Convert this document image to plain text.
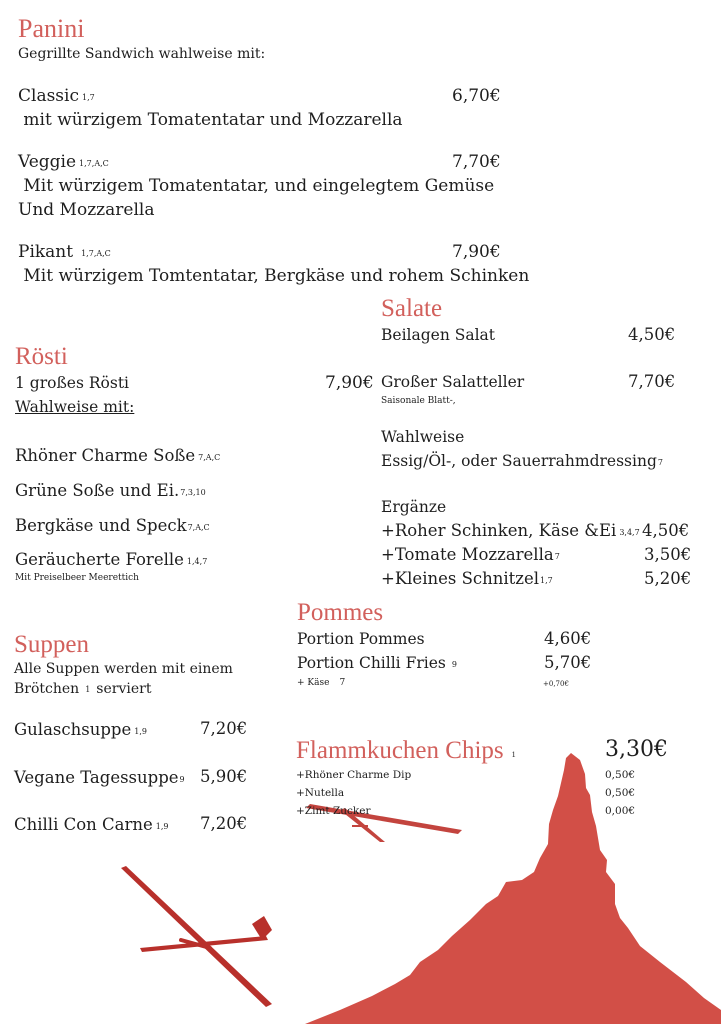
Panini
Gegrillte Sandwich wahlweise mit:
Classic 1,7	6,70€
mit würzigem Tomatentatar und Mozzarella
Veggie 1,7,A,C	7,70€
Mit würzigem Tomatentatar, und eingelegtem Gemüse
Und Mozzarella
Pikant 1,7,A,C	7,90€
Mit würzigem Tomtentatar, Bergkäse und rohem Schinken
Rösti
1 großes Rösti	7,90€
Wahlweise mit:
Rhöner Charme Soße 7,A,C
Grüne Soße und Ei.7,3,10
Bergkäse und Speck7,A,C
Geräucherte Forelle 1,4,7
Mit Preiselbeer Meerettich
Suppen
Alle Suppen werden mit einem
Brötchen 1 serviert
Gulaschsuppe 1,9	7,20€
Vegane Tagessuppe9 5,90€
Chilli Con Carne 1,9 7,20€
Salate
Beilagen Salat	4,50€
Großer Salatteller	7,70€
Saisonale Blatt-,
Wahlweise
Essig/Öl-, oder Sauerrahmdressing7
Ergänze
+Roher Schinken, Käse &Ei 3,4,7 4,50€
+Tomate Mozzarella7	3,50€
+Kleines Schnitzel1,7	5,20€
Pommes
Portion Pommes	4,60€
Portion Chilli Fries 9	5,70€
+ Käse 7	+0,70€
Flammkuchen Chips 1	3,30€
+Rhöner Charme Dip	0,50€
+Nutella	0,50€
+Zimt Zucker	0,00€
